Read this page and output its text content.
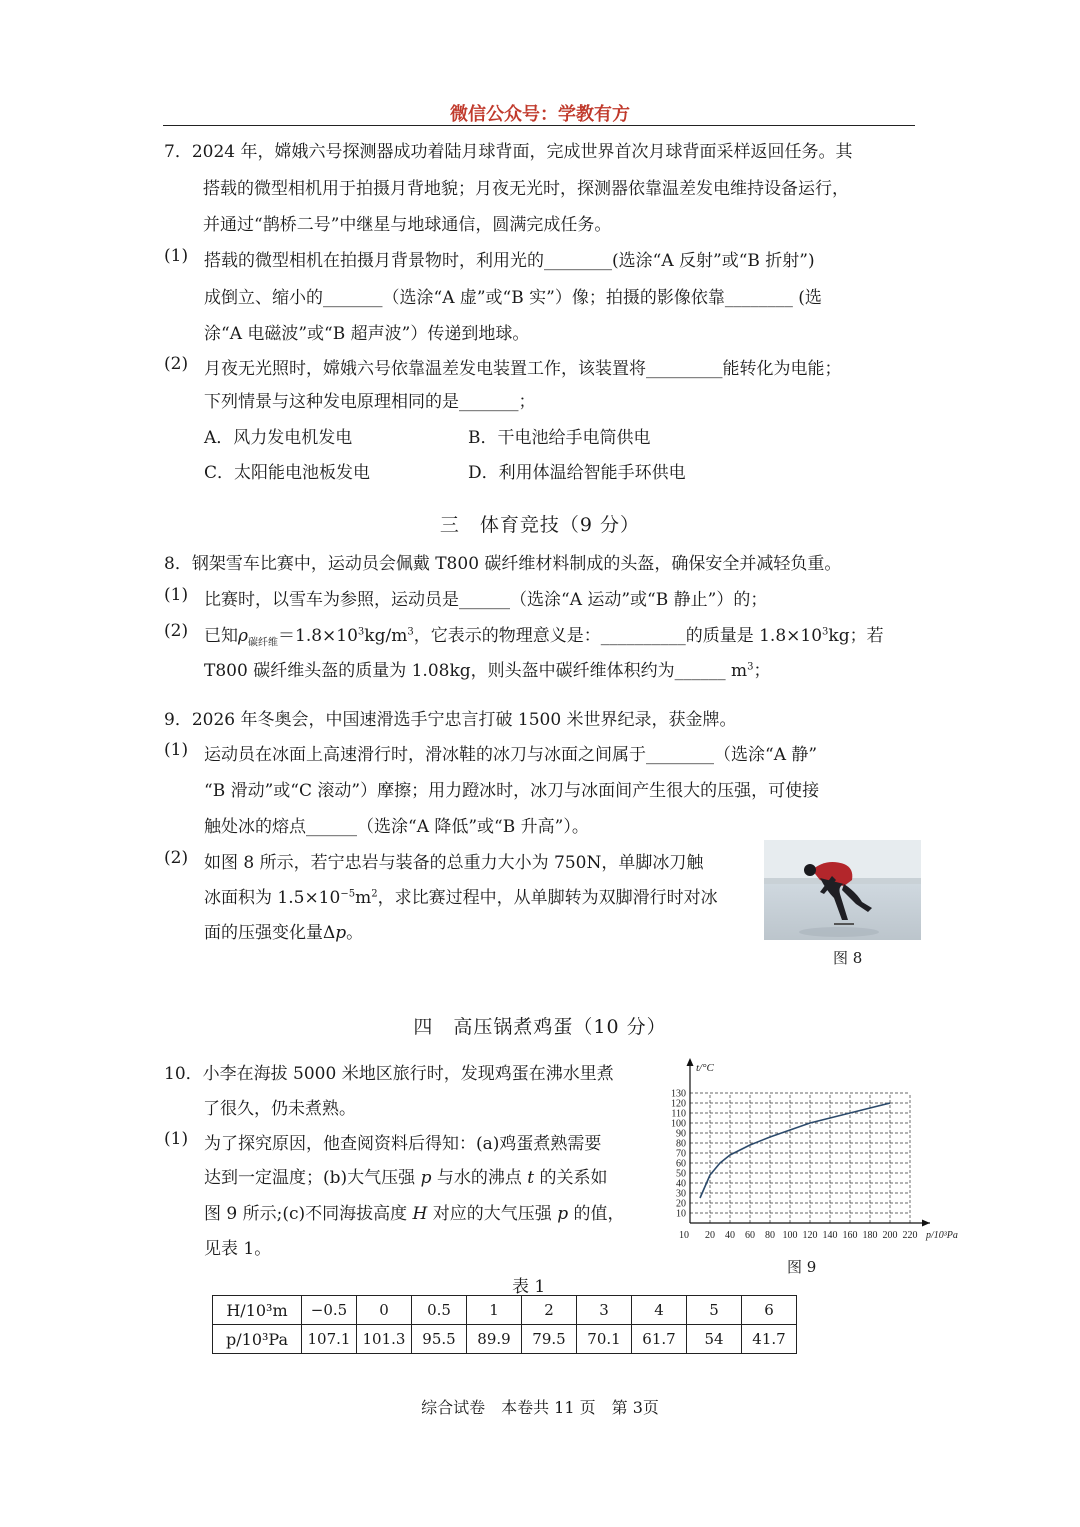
微信公众号：学教有方
7．2024 年，嫦娥六号探测器成功着陆月球背面，完成世界首次月球背面采样返回任务。其
搭载的微型相机用于拍摄月背地貌；月夜无光时，探测器依靠温差发电维持设备运行，
并通过“鹊桥二号”中继星与地球通信，圆满完成任务。
(1) 搭载的微型相机在拍摄月背景物时，利用光的________(选涂“A 反射”或“B 折射”)
成倒立、缩小的_______（选涂“A 虚”或“B 实”）像；拍摄的影像依靠________ (选
涂“A 电磁波”或“B 超声波”）传递到地球。
(2) 月夜无光照时，嫦娥六号依靠温差发电装置工作，该装置将_________能转化为电能；
下列情景与这种发电原理相同的是_______；
A．风力发电机发电	B．干电池给手电筒供电
C．太阳能电池板发电	D．利用体温给智能手环供电
三　体育竞技（9 分）
8．钢架雪车比赛中，运动员会佩戴 T800 碳纤维材料制成的头盔，确保安全并减轻负重。
(1) 比赛时，以雪车为参照，运动员是______（选涂“A 运动”或“B 静止”）的；
(2) 已知$\rho_{碳纤维}=1.8\times 10^3kg/m^3$，它表示的物理意义是：__________的质量是 $1.8\times 10^3kg$；若
T800 碳纤维头盔的质量为 1.08kg，则头盔中碳纤维体积约为______ $m^3$；
9．2026 年冬奥会，中国速滑选手宁忠言打破 1500 米世界纪录，获金牌。
(1) 运动员在冰面上高速滑行时，滑冰鞋的冰刀与冰面之间属于________（选涂“A 静”
“B 滑动”或“C 滚动”）摩擦；用力蹬冰时，冰刀与冰面间产生很大的压强，可使接
触处冰的熔点______（选涂“A 降低”或“B 升高”）。
(2) 如图 8 所示，若宁忠岩与装备的总重力大小为 750N，单脚冰刀触
冰面积为 $1.5\times 10^{-5}m^2$，求比赛过程中，从单脚转为双脚滑行时对冰
面的压强变化量Δp。
图 8
四　高压锅煮鸡蛋（10 分）
10．小李在海拔 5000 米地区旅行时，发现鸡蛋在沸水里煮
了很久，仍未煮熟。
(1) 为了探究原因，他查阅资料后得知：(a)鸡蛋煮熟需要
达到一定温度；(b)大气压强 p 与水的沸点 t 的关系如
图 9 所示;(c)不同海拔高度 H 对应的大气压强 p 的值，
见表 1。
10
20
30
40
50
60
70
80
90
100
110
120
130
10 20 40 60 80 100 120 140 160 180 200 220
t/°C
p/10³Pa
图 9
表 1
H/10³m	−0.5	0	0.5	1	2	3	4	5	6
p/10³Pa	107.1	101.3	95.5	89.9	79.5	70.1	61.7	54	41.7
综合试卷　本卷共 11 页　第 3页
